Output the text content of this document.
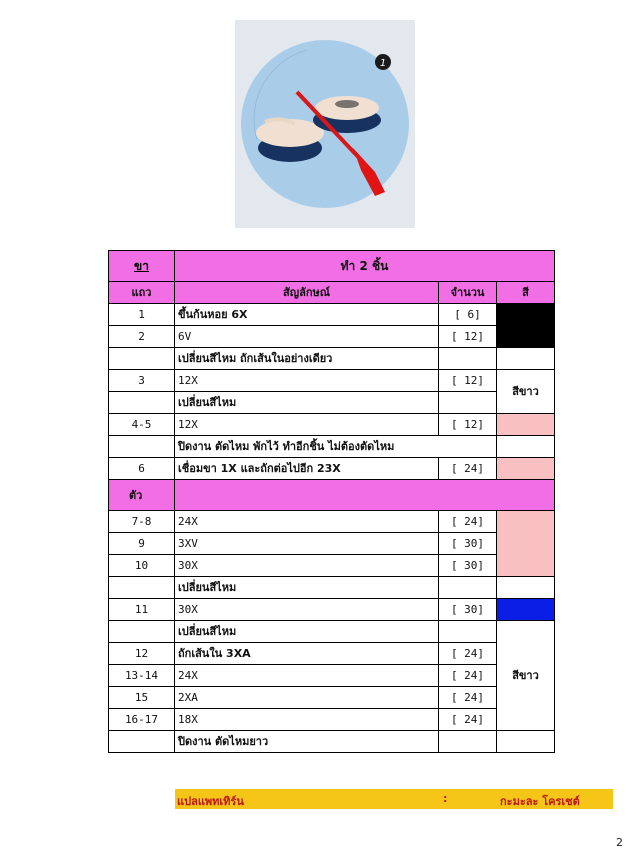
1
ขา	ทำ 2 ชิ้น		
แถว	สัญลักษณ์	จำนวน	สี
1	ขึ้นก้นหอย 6X	[ 6]	
2	6V	[ 12]	
	เปลี่ยนสีไหม ถักเส้นในอย่างเดียว		
3	12X	[ 12]	สีขาว
	เปลี่ยนสีไหม		
4-5	12X	[ 12]	
	ปิดงาน ตัดไหม พักไว้ ทำอีกชิ้น ไม่ต้องตัดไหม		
6	เชื่อมขา 1X และถักต่อไปอีก 23X	[ 24]	
ตัว			
7-8	24X	[ 24]	
9	3XV	[ 30]	
10	30X	[ 30]	
	เปลี่ยนสีไหม		
11	30X	[ 30]	
	เปลี่ยนสีไหม		สีขาว
12	ถักเส้นใน 3XA	[ 24]	
13-14	24X	[ 24]	
15	2XA	[ 24]	
16-17	18X	[ 24]	
	ปิดงาน ตัดไหมยาว		
แปลแพทเทิร์น	:	กะมะละ โครเชต์
2
